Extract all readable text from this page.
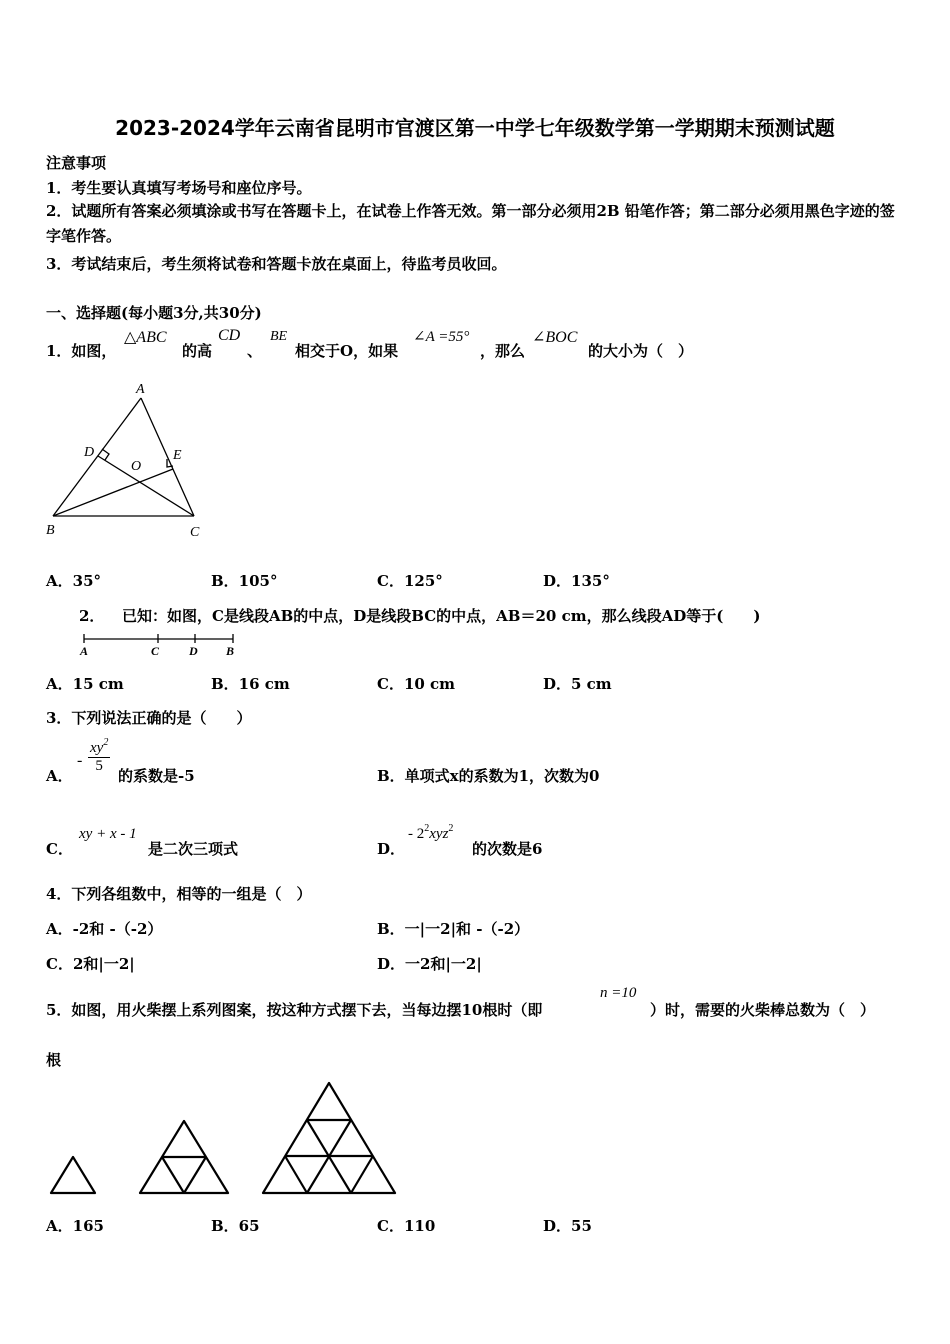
2023-2024学年云南省昆明市官渡区第一中学七年级数学第一学期期末预测试题
注意事项
1．考生要认真填写考场号和座位序号。
2．试题所有答案必须填涂或书写在答题卡上，在试卷上作答无效。第一部分必须用2B 铅笔作答；第二部分必须用黑色字迹的签字笔作答。
3．考试结束后，考生须将试卷和答题卡放在桌面上，待监考员收回。
一、选择题(每小题3分,共30分)
1．如图，
△ABC
的高
CD
、
BE
相交于O，如果
∠A =55°
，那么
∠BOC
的大小为（　）
A
B	C
D	E
O
A．35°	B．105°	C．125°	D．135°
2． 已知：如图，C是线段AB的中点，D是线段BC的中点，AB＝20 cm，那么线段AD等于(　　)
A	C D B
A．15 cm	B．16 cm	C．10 cm	D．5 cm
3．下列说法正确的是（　　）
A．
- $\frac{xy^2}{5}$
的系数是-5	B．单项式x的系数为1，次数为0
C．
xy + x - 1
是二次三项式	D．
- $2^2xyz^2$
的次数是6
4．下列各组数中，相等的一组是（　）
A．-2和 -（-2）	B．一|一2|和 -（-2）
C．2和|一2|	D．一2和|一2|
5．如图，用火柴摆上系列图案，按这种方式摆下去，当每边摆10根时（即
n =10
）时，需要的火柴棒总数为（　）
根
A．165	B．65	C．110	D．55
